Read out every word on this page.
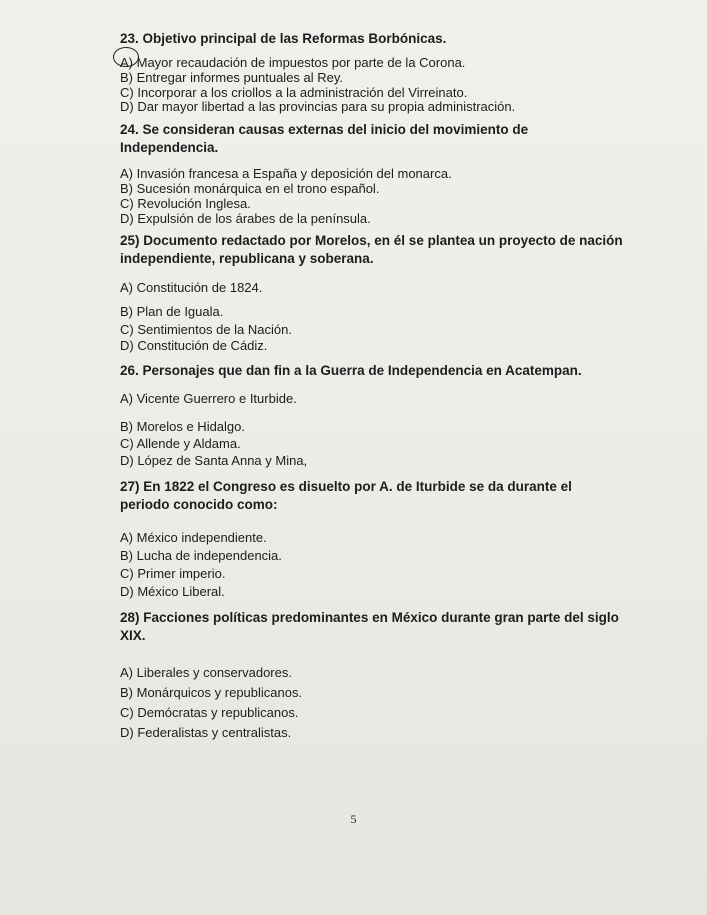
23. Objetivo principal de las Reformas Borbónicas.
A) Mayor recaudación de impuestos por parte de la Corona.
B) Entregar informes puntuales al Rey.
C) Incorporar a los criollos a la administración del Virreinato.
D) Dar mayor libertad a las provincias para su propia administración.
24. Se consideran causas externas del inicio del movimiento de Independencia.
A) Invasión francesa a España y deposición del monarca.
B) Sucesión monárquica en el trono español.
C) Revolución Inglesa.
D) Expulsión de los árabes de la península.
25) Documento redactado por Morelos, en él se plantea un proyecto de nación independiente, republicana y soberana.
A) Constitución de 1824.
B) Plan de Iguala.
C) Sentimientos de la Nación.
D) Constitución de Cádiz.
26. Personajes que dan fin a la Guerra de Independencia en Acatempan.
A) Vicente Guerrero e Iturbide.
B) Morelos e Hidalgo.
C) Allende y Aldama.
D) López de Santa Anna y Mina,
27) En 1822 el Congreso es disuelto por A. de Iturbide se da durante el periodo conocido como:
A) México independiente.
B) Lucha de independencia.
C) Primer imperio.
D) México Liberal.
28) Facciones políticas predominantes en México durante gran parte del siglo XIX.
A) Liberales y conservadores.
B) Monárquicos y republicanos.
C) Demócratas y republicanos.
D) Federalistas y centralistas.
5
